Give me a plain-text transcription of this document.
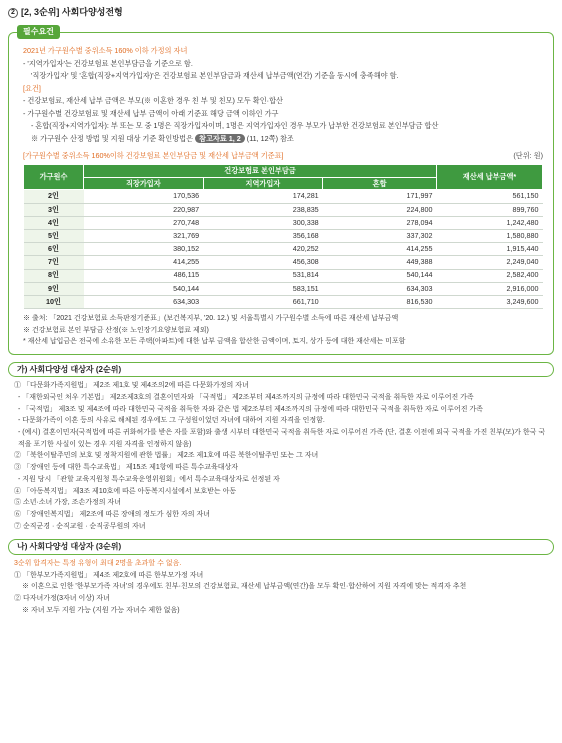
2 [2, 3순위] 사회다양성전형
필수요건

2021년 가구원수별 중위소득 160% 이하 가정의 자녀

- '지역가입자'는 건강보험료 본인부담금을 기준으로 함.

'직장가입자' 및 '혼합(직장+지역가입자)'은 건강보험료 본인부담금과 재산세 납부금액(연간) 기준을 동시에 충족해야 함.

[요건]

- 건강보험료, 재산세 납부 금액은 부모(※ 이혼한 경우 친 부 및 친모) 모두 확인·합산

- 가구원수별 건강보험료 및 재산세 납부 금액이 아래 기준표 해당 금액 이하인 가구

- 혼합(직장+지역가입자): 부 또는 모 중 1명은 직장가입자이며, 1명은 지역가입자인 경우 부모가 납부한 건강보험료 본인부담금 합산

※ 가구원수 산정 방법 및 지원 대상 기준 확인방법은 참고자료 1, 2 (11, 12쪽) 참조

[가구원수별 중위소득 160%이하 건강보험료 본인부담금 및 재산세 납부금액 기준표]	(단위: 원)
가구원수	건강보험료 본인부담금			재산세 납부금액*
	직장가입자	지역가입자	혼합	
2인	170,536	174,281	171,997	561,150
3인	220,987	238,835	224,800	899,760
4인	270,748	300,338	278,094	1,242,480
5인	321,769	356,168	337,302	1,580,880
6인	380,152	420,252	414,255	1,915,440
7인	414,255	456,308	449,388	2,249,040
8인	486,115	531,814	540,144	2,582,400
9인	540,144	583,151	634,303	2,916,000
10인	634,303	661,710	816,530	3,249,600

※ 출처: 「2021 건강보험료 소득판정기준표」(보건복지부, '20. 12.) 및 서울특별시 가구원수별 소득에 따른 재산세 납부금액

※ 건강보험료 본인 부담금 산정(※ 노인장기요양보험료 제외)

* 재산세 납입금은 전국에 소유한 모든 주택(아파트)에 대한 납부 금액을 합산한 금액이며, 토지, 상가 등에 대한 재산세는 미포함

가) 사회다양성 대상자 (2순위)

① 「다문화가족지원법」 제2조 제1호 및 제4조의2에 따른 다문화가정의 자녀

- 「재한외국인 처우 기본법」 제2조제3호의 결혼이민자와 「국적법」 제2조부터 제4조까지의 규정에 따라 대한민국 국적을 취득한 자로 이루어진 가족

- 「국적법」 제3조 및 제4조에 따라 대한민국 국적을 취득한 자와 같은 법 제2조부터 제4조까지의 규정에 따라 대한민국 국적을 취득한 자로 이루어진 가족

- 다문화가족이 이혼 등의 사유로 해체된 경우에도 그 구성원이었던 자녀에 대하여 지원 자격을 인정함.

- (예시) 결혼이민자(국적법에 따른 귀화허가를 받은 자를 포함)와 출생 시부터 대한민국 국적을 취득한 자로 이루어진 가족 (단, 결혼 이전에 외국 국적을 가진 친부(모)가 한국 국적을 포기한 사실이 있는 경우 지원 자격을 인정하지 않음)

② 「북한이탈주민의 보호 및 정착지원에 관한 법률」 제2조 제1호에 따른 북한이탈주민 또는 그 자녀

③ 「장애인 등에 대한 특수교육법」 제15조 제1항에 따른 특수교육대상자

- 지원 당시 「관할 교육지원청 특수교육운영위원회」에서 특수교육대상자로 선정된 자

④ 「아동복지법」 제3조 제10호에 따른 아동복지시설에서 보호받는 아동

⑤ 소년·소녀 가장, 조손가정의 자녀

⑥ 「장애인복지법」 제2조에 따른 장애의 정도가 심한 자의 자녀

⑦ 순직군경 · 순직교원 · 순직공무원의 자녀

나) 사회다양성 대상자 (3순위)

3순위 합격자는 특정 유형이 최대 2명을 초과할 수 없음.

① 「한부모가족지원법」 제4조 제2호에 따른 한부모가정 자녀

※ 이혼으로 인한 '한부모가족 자녀'의 경우에도 친부·친모의 건강보험료, 재산세 납부금액(연간)을 모두 확인·합산하여 지원 자격에 맞는 적격자 추천

② 다자녀가정(3자녀 이상) 자녀

※ 자녀 모두 지원 가능 (지원 가능 자녀수 제한 없음)
